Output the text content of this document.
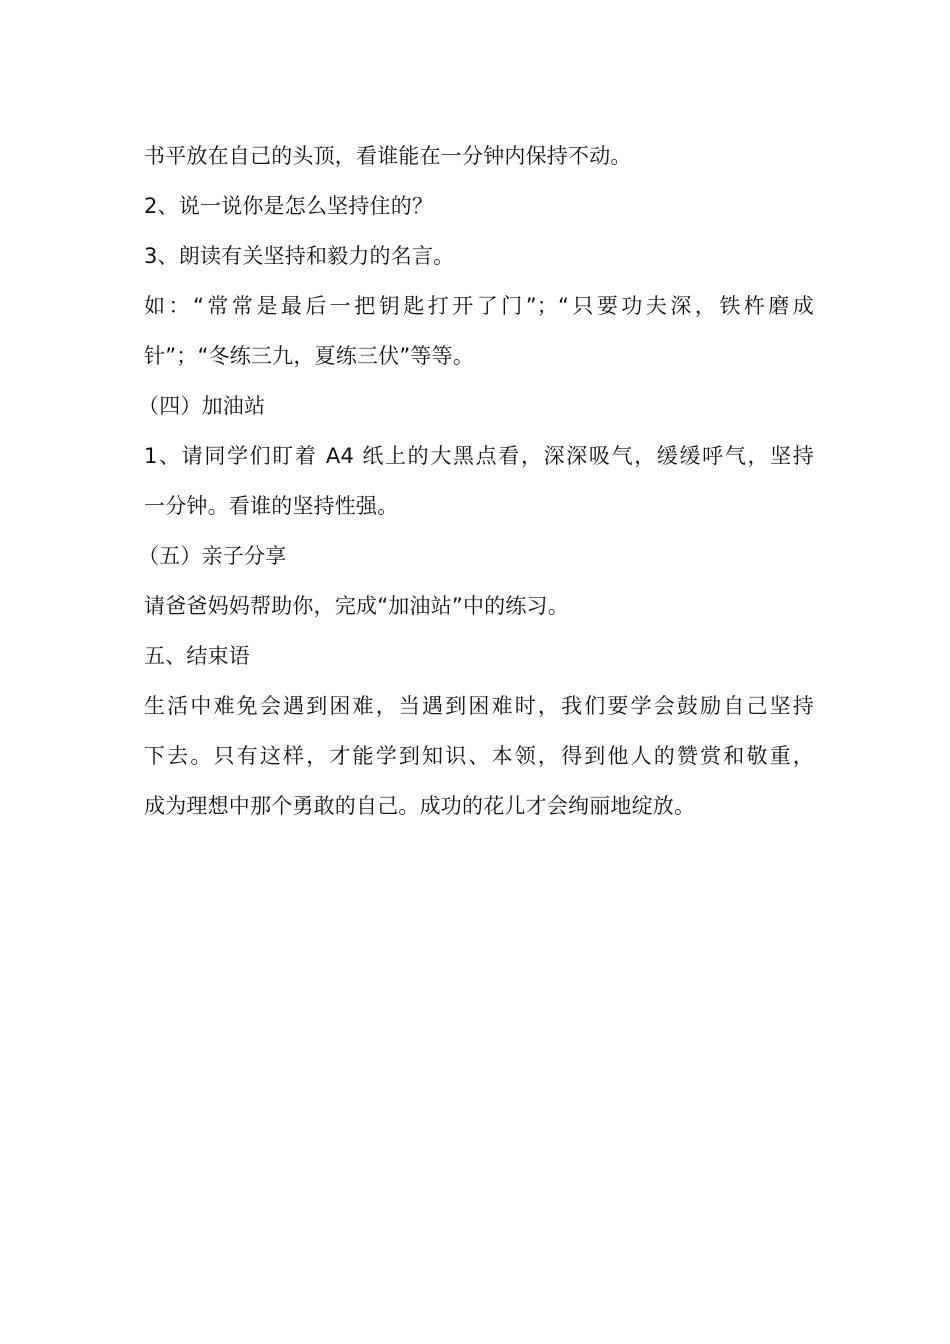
书平放在自己的头顶，看谁能在一分钟内保持不动。
2、说一说你是怎么坚持住的？
3、朗读有关坚持和毅力的名言。
如：“常常是最后一把钥匙打开了门”；“只要功夫深，铁杵磨成
针”；“冬练三九，夏练三伏”等等。
（四）加油站
1、请同学们盯着 A4 纸上的大黑点看，深深吸气，缓缓呼气，坚持
一分钟。看谁的坚持性强。
（五）亲子分享
请爸爸妈妈帮助你，完成“加油站”中的练习。
五、结束语
生活中难免会遇到困难，当遇到困难时，我们要学会鼓励自己坚持
下去。只有这样，才能学到知识、本领，得到他人的赞赏和敬重，
成为理想中那个勇敢的自己。成功的花儿才会绚丽地绽放。
